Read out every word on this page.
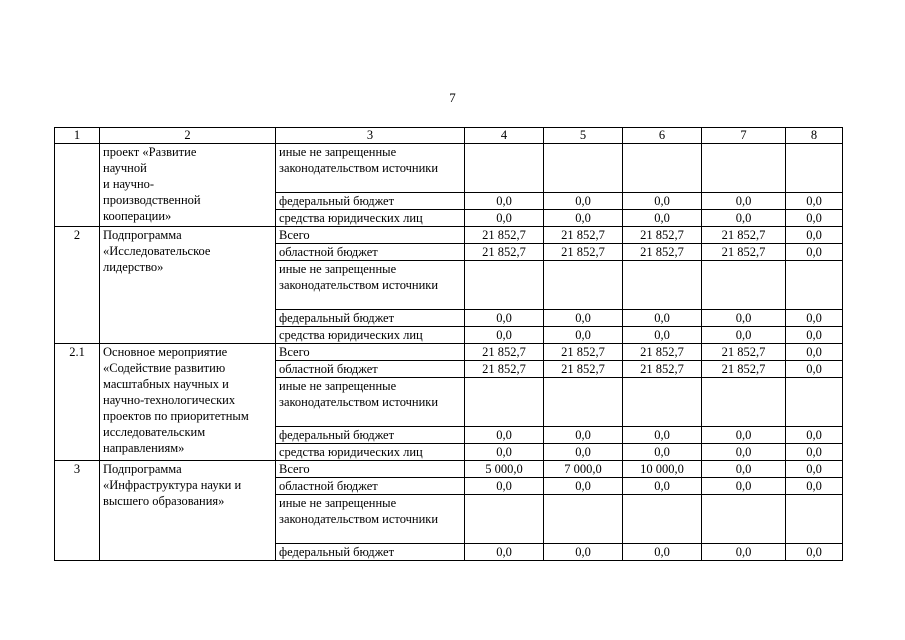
7
1	2	3	4	5	6	7	8
	проект «Развитие
научной
и научно-
производственной
кооперации»	иные не запрещенные законодательством источники					
		федеральный бюджет	0,0	0,0	0,0	0,0	0,0
		средства юридических лиц	0,0	0,0	0,0	0,0	0,0
2	Подпрограмма «Исследовательское лидерство»	Всего	21 852,7	21 852,7	21 852,7	21 852,7	0,0
		областной бюджет	21 852,7	21 852,7	21 852,7	21 852,7	0,0
		иные не запрещенные законодательством источники					
		федеральный бюджет	0,0	0,0	0,0	0,0	0,0
		средства юридических лиц	0,0	0,0	0,0	0,0	0,0
2.1	Основное мероприятие «Содействие развитию масштабных научных и научно-технологических проектов по приоритетным исследовательским направлениям»	Всего	21 852,7	21 852,7	21 852,7	21 852,7	0,0
		областной бюджет	21 852,7	21 852,7	21 852,7	21 852,7	0,0
		иные не запрещенные законодательством источники					
		федеральный бюджет	0,0	0,0	0,0	0,0	0,0
		средства юридических лиц	0,0	0,0	0,0	0,0	0,0
3	Подпрограмма «Инфраструктура науки и высшего образования»	Всего	5 000,0	7 000,0	10 000,0	0,0	0,0
		областной бюджет	0,0	0,0	0,0	0,0	0,0
		иные не запрещенные законодательством источники					
		федеральный бюджет	0,0	0,0	0,0	0,0	0,0
